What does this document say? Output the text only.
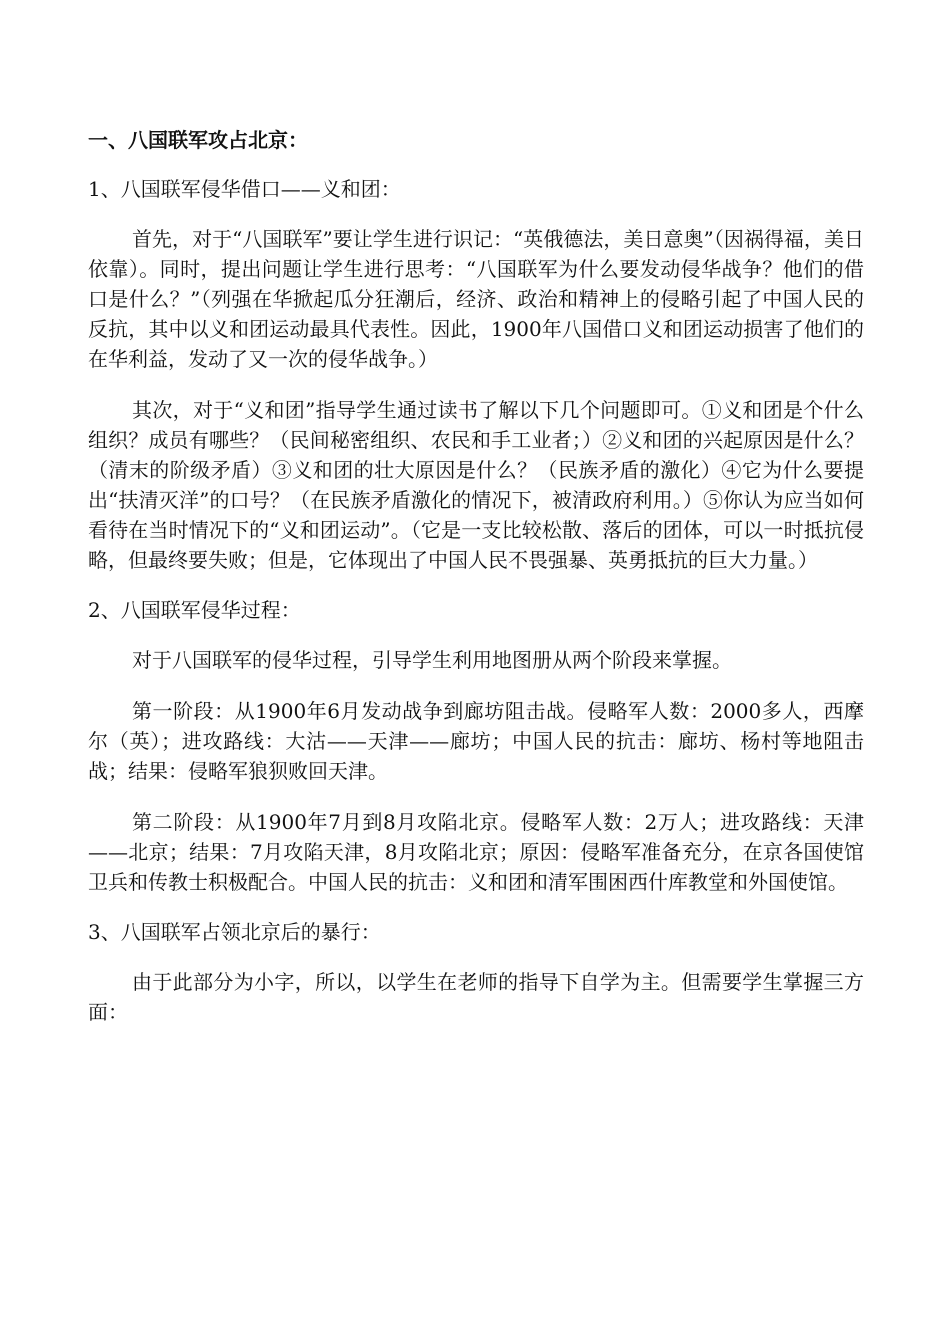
一、八国联军攻占北京：
1、八国联军侵华借口——义和团：

首先，对于“八国联军”要让学生进行识记：“英俄德法，美日意奥”（因祸得福，美日依靠）。同时，提出问题让学生进行思考：“八国联军为什么要发动侵华战争？他们的借口是什么？”（列强在华掀起瓜分狂潮后，经济、政治和精神上的侵略引起了中国人民的反抗，其中以义和团运动最具代表性。因此，1900年八国借口义和团运动损害了他们的在华利益，发动了又一次的侵华战争。）

其次，对于“义和团”指导学生通过读书了解以下几个问题即可。①义和团是个什么组织？成员有哪些？（民间秘密组织、农民和手工业者；）②义和团的兴起原因是什么？（清末的阶级矛盾）③义和团的壮大原因是什么？（民族矛盾的激化）④它为什么要提出“扶清灭洋”的口号？（在民族矛盾激化的情况下，被清政府利用。）⑤你认为应当如何看待在当时情况下的“义和团运动”。（它是一支比较松散、落后的团体，可以一时抵抗侵略，但最终要失败；但是，它体现出了中国人民不畏强暴、英勇抵抗的巨大力量。）

2、八国联军侵华过程：

对于八国联军的侵华过程，引导学生利用地图册从两个阶段来掌握。

第一阶段：从1900年6月发动战争到廊坊阻击战。侵略军人数：2000多人，西摩尔（英）；进攻路线：大沽——天津——廊坊；中国人民的抗击：廊坊、杨村等地阻击战；结果：侵略军狼狈败回天津。

第二阶段：从1900年7月到8月攻陷北京。侵略军人数：2万人；进攻路线：天津——北京；结果：7月攻陷天津，8月攻陷北京；原因：侵略军准备充分，在京各国使馆卫兵和传教士积极配合。中国人民的抗击：义和团和清军围困西什库教堂和外国使馆。

3、八国联军占领北京后的暴行：

由于此部分为小字，所以，以学生在老师的指导下自学为主。但需要学生掌握三方面：
